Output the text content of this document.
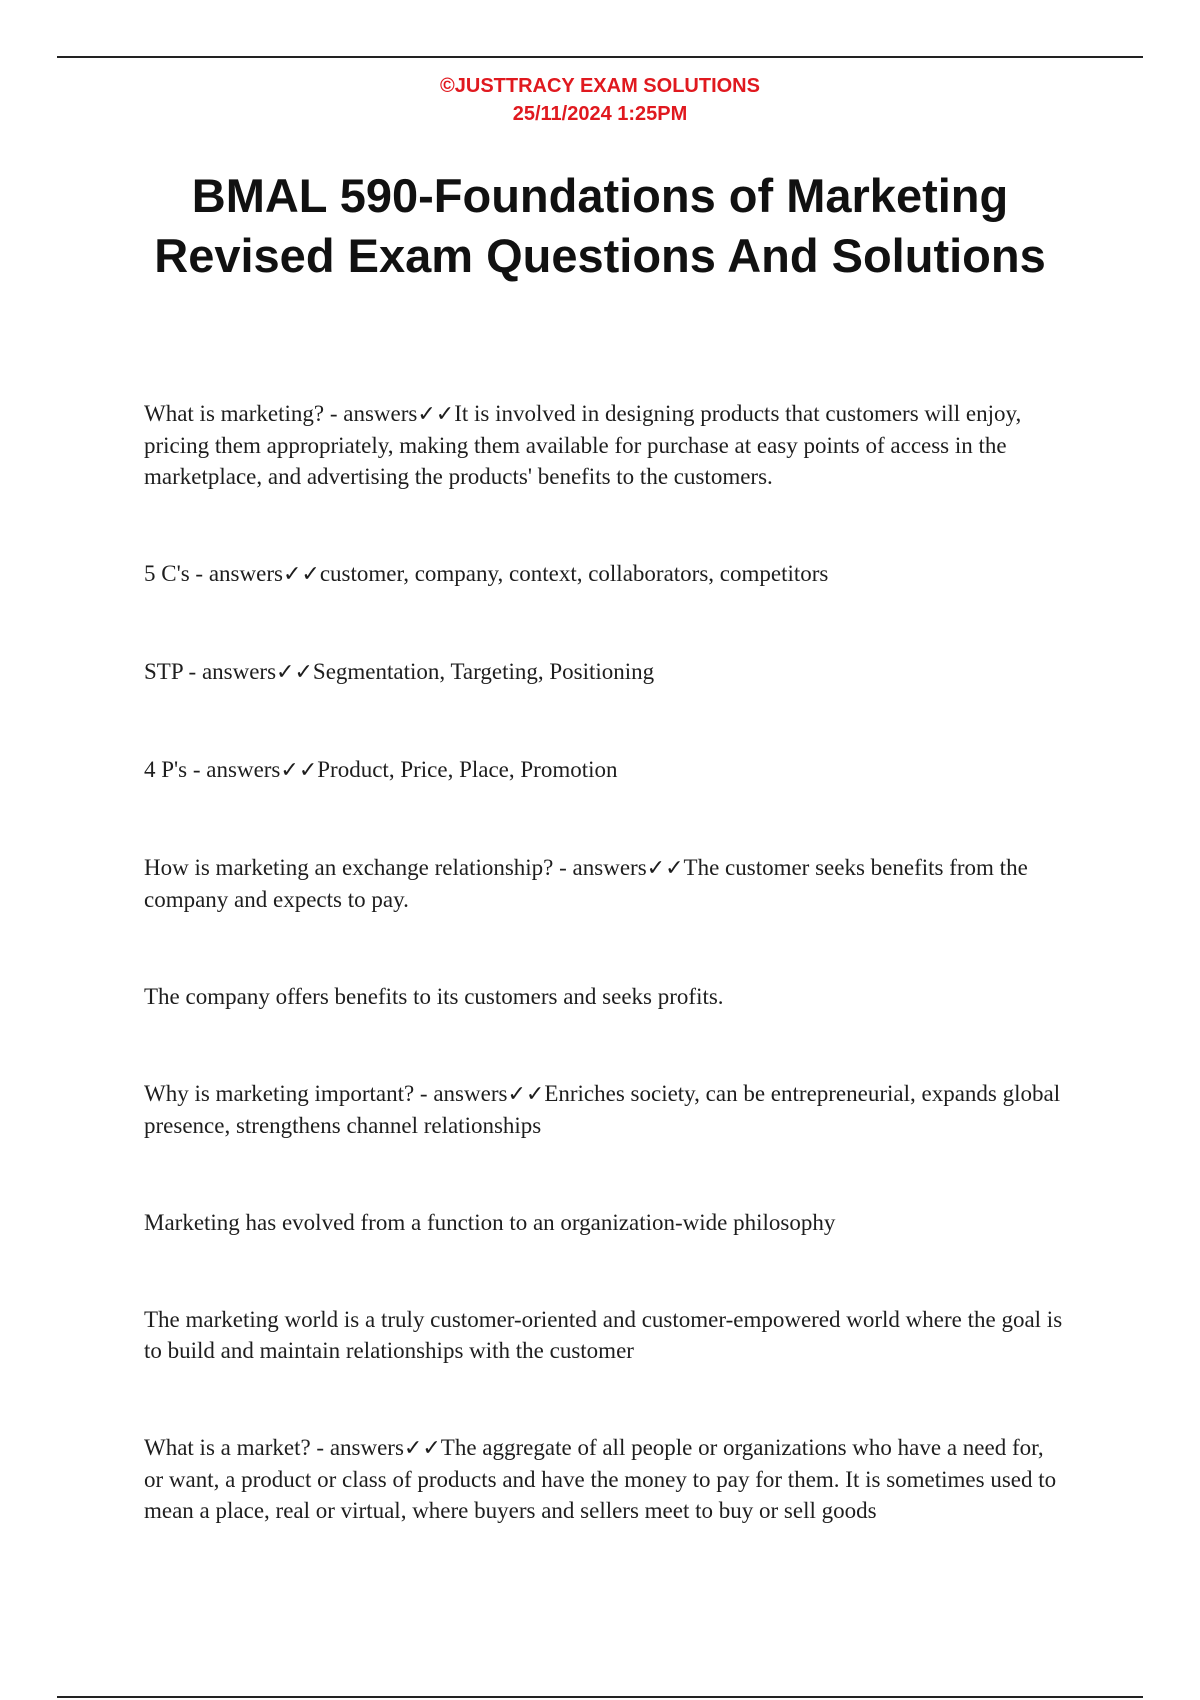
©JUSTTRACY EXAM SOLUTIONS
25/11/2024 1:25PM
BMAL 590-Foundations of Marketing Revised Exam Questions And Solutions

What is marketing? - answers✓✓It is involved in designing products that customers will enjoy, pricing them appropriately, making them available for purchase at easy points of access in the marketplace, and advertising the products' benefits to the customers.

5 C's - answers✓✓customer, company, context, collaborators, competitors

STP - answers✓✓Segmentation, Targeting, Positioning

4 P's - answers✓✓Product, Price, Place, Promotion

How is marketing an exchange relationship? - answers✓✓The customer seeks benefits from the company and expects to pay.

The company offers benefits to its customers and seeks profits.

Why is marketing important? - answers✓✓Enriches society, can be entrepreneurial, expands global presence, strengthens channel relationships

Marketing has evolved from a function to an organization-wide philosophy

The marketing world is a truly customer-oriented and customer-empowered world where the goal is to build and maintain relationships with the customer

What is a market? - answers✓✓The aggregate of all people or organizations who have a need for, or want, a product or class of products and have the money to pay for them. It is sometimes used to mean a place, real or virtual, where buyers and sellers meet to buy or sell goods
